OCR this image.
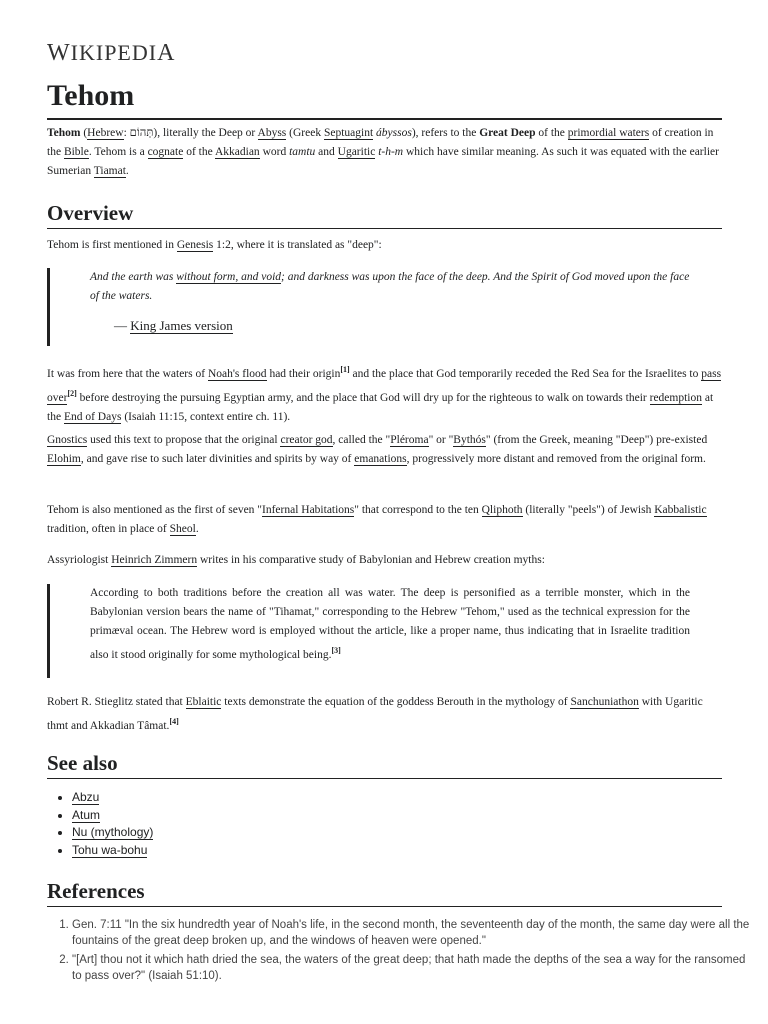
WIKIPEDIA
Tehom

Tehom (Hebrew: תְּהוֹם), literally the Deep or Abyss (Greek Septuagint ábyssos), refers to the Great Deep of the primordial waters of creation in the Bible. Tehom is a cognate of the Akkadian word tamtu and Ugaritic t-h-m which have similar meaning. As such it was equated with the earlier Sumerian Tiamat.

Overview

Tehom is first mentioned in Genesis 1:2, where it is translated as "deep":

And the earth was without form, and void; and darkness was upon the face of the deep. And the Spirit of God moved upon the face of the waters.

— King James version

It was from here that the waters of Noah's flood had their origin[1] and the place that God temporarily receded the Red Sea for the Israelites to pass over[2] before destroying the pursuing Egyptian army, and the place that God will dry up for the righteous to walk on towards their redemption at the End of Days (Isaiah 11:15, context entire ch. 11).

Gnostics used this text to propose that the original creator god, called the "Pléroma" or "Bythós" (from the Greek, meaning "Deep") pre-existed Elohim, and gave rise to such later divinities and spirits by way of emanations, progressively more distant and removed from the original form.

Tehom is also mentioned as the first of seven "Infernal Habitations" that correspond to the ten Qliphoth (literally "peels") of Jewish Kabbalistic tradition, often in place of Sheol.

Assyriologist Heinrich Zimmern writes in his comparative study of Babylonian and Hebrew creation myths:

According to both traditions before the creation all was water. The deep is personified as a terrible monster, which in the Babylonian version bears the name of "Tihamat," corresponding to the Hebrew "Tehom," used as the technical expression for the primæval ocean. The Hebrew word is employed without the article, like a proper name, thus indicating that in Israelite tradition also it stood originally for some mythological being.[3]

Robert R. Stieglitz stated that Eblaitic texts demonstrate the equation of the goddess Berouth in the mythology of Sanchuniathon with Ugaritic thmt and Akkadian Tâmat.[4]

See also
• Abzu
• Atum
• Nu (mythology)
• Tohu wa-bohu
References
1. Gen. 7:11 "In the six hundredth year of Noah's life, in the second month, the seventeenth day of the month, the same day were all the fountains of the great deep broken up, and the windows of heaven were opened."
2. "[Art] thou not it which hath dried the sea, the waters of the great deep; that hath made the depths of the sea a way for the ransomed to pass over?" (Isaiah 51:10).
